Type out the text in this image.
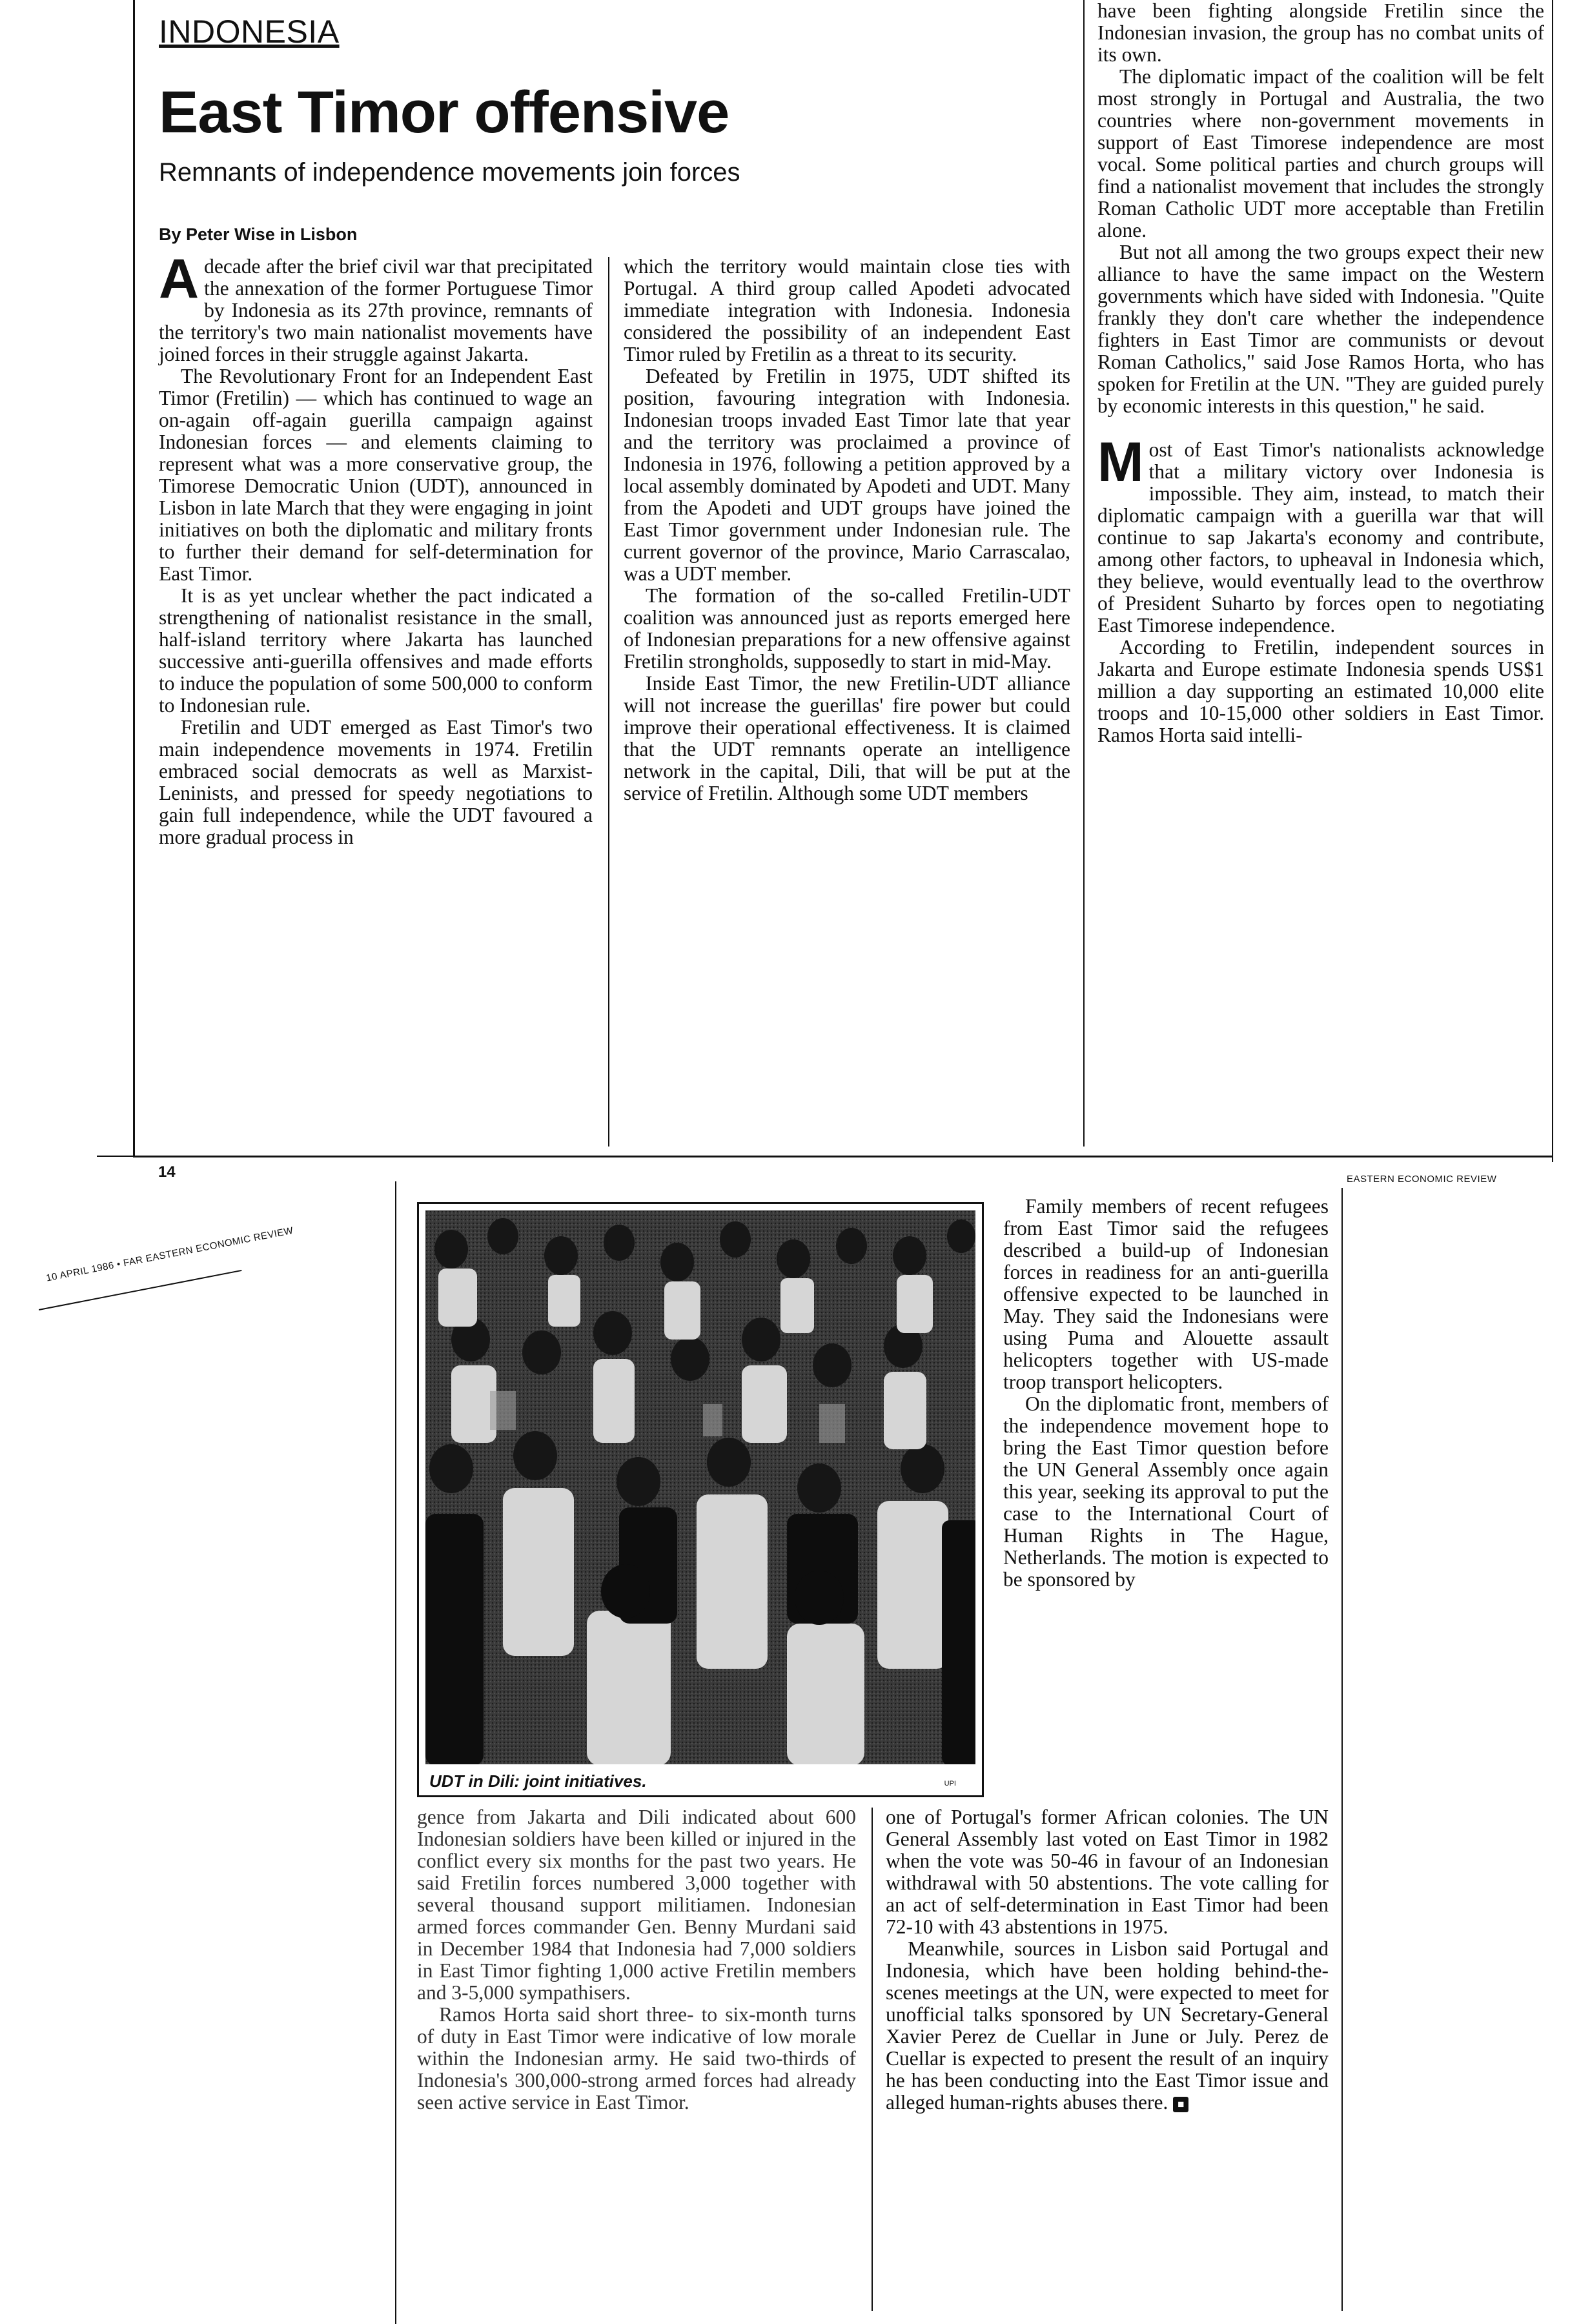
INDONESIA
East Timor offensive
Remnants of independence movements join forces
By Peter Wise in Lisbon

Adecade after the brief civil war that precipitated the annexation of the former Portuguese Timor by Indonesia as its 27th province, remnants of the territory's two main nationalist movements have joined forces in their struggle against Jakarta.

The Revolutionary Front for an Independent East Timor (Fretilin) — which has continued to wage an on-again off-again guerilla campaign against Indonesian forces — and elements claiming to represent what was a more conservative group, the Timorese Democratic Union (UDT), announced in Lisbon in late March that they were engaging in joint initiatives on both the diplomatic and military fronts to further their demand for self-determination for East Timor.

It is as yet unclear whether the pact indicated a strengthening of nationalist resistance in the small, half-island territory where Jakarta has launched successive anti-guerilla offensives and made efforts to induce the population of some 500,000 to conform to Indonesian rule.

Fretilin and UDT emerged as East Timor's two main independence movements in 1974. Fretilin embraced social democrats as well as Marxist-Leninists, and pressed for speedy negotiations to gain full independence, while the UDT favoured a more gradual process in

which the territory would maintain close ties with Portugal. A third group called Apodeti advocated immediate integration with Indonesia. Indonesia considered the possibility of an independent East Timor ruled by Fretilin as a threat to its security.

Defeated by Fretilin in 1975, UDT shifted its position, favouring integration with Indonesia. Indonesian troops invaded East Timor late that year and the territory was proclaimed a province of Indonesia in 1976, following a petition approved by a local assembly dominated by Apodeti and UDT. Many from the Apodeti and UDT groups have joined the East Timor government under Indonesian rule. The current governor of the province, Mario Carrascalao, was a UDT member.

The formation of the so-called Fretilin-UDT coalition was announced just as reports emerged here of Indonesian preparations for a new offensive against Fretilin strongholds, supposedly to start in mid-May.

Inside East Timor, the new Fretilin-UDT alliance will not increase the guerillas' fire power but could improve their operational effectiveness. It is claimed that the UDT remnants operate an intelligence network in the capital, Dili, that will be put at the service of Fretilin. Although some UDT members

have been fighting alongside Fretilin since the Indonesian invasion, the group has no combat units of its own.

The diplomatic impact of the coalition will be felt most strongly in Portugal and Australia, the two countries where non-government movements in support of East Timorese independence are most vocal. Some political parties and church groups will find a nationalist movement that includes the strongly Roman Catholic UDT more acceptable than Fretilin alone.

But not all among the two groups expect their new alliance to have the same impact on the Western governments which have sided with Indonesia. "Quite frankly they don't care whether the independence fighters in East Timor are communists or devout Roman Catholics," said Jose Ramos Horta, who has spoken for Fretilin at the UN. "They are guided purely by economic interests in this question," he said.

Most of East Timor's nationalists acknowledge that a military victory over Indonesia is impossible. They aim, instead, to match their diplomatic campaign with a guerilla war that will continue to sap Jakarta's economy and contribute, among other factors, to upheaval in Indonesia which, they believe, would eventually lead to the overthrow of President Suharto by forces open to negotiating East Timorese independence.

According to Fretilin, independent sources in Jakarta and Europe estimate Indonesia spends US$1 million a day supporting an estimated 10,000 elite troops and 10-15,000 other soldiers in East Timor. Ramos Horta said intelli-

14
10 APRIL 1986 • FAR EASTERN ECONOMIC REVIEW
EASTERN ECONOMIC REVIEW
UDT in Dili: joint initiatives.	UPI

gence from Jakarta and Dili indicated about 600 Indonesian soldiers have been killed or injured in the conflict every six months for the past two years. He said Fretilin forces numbered 3,000 together with several thousand support militiamen. Indonesian armed forces commander Gen. Benny Murdani said in December 1984 that Indonesia had 7,000 soldiers in East Timor fighting 1,000 active Fretilin members and 3-5,000 sympathisers.

Ramos Horta said short three- to six-month turns of duty in East Timor were indicative of low morale within the Indonesian army. He said two-thirds of Indonesia's 300,000-strong armed forces had already seen active service in East Timor.

Family members of recent refugees from East Timor said the refugees described a build-up of Indonesian forces in readiness for an anti-guerilla offensive expected to be launched in May. They said the Indonesians were using Puma and Alouette assault helicopters together with US-made troop transport helicopters.

On the diplomatic front, members of the independence movement hope to bring the East Timor question before the UN General Assembly once again this year, seeking its approval to put the case to the International Court of Human Rights in The Hague, Netherlands. The motion is expected to be sponsored by

one of Portugal's former African colonies. The UN General Assembly last voted on East Timor in 1982 when the vote was 50-46 in favour of an Indonesian withdrawal with 50 abstentions. The vote calling for an act of self-determination in East Timor had been 72-10 with 43 abstentions in 1975.

Meanwhile, sources in Lisbon said Portugal and Indonesia, which have been holding behind-the-scenes meetings at the UN, were expected to meet for unofficial talks sponsored by UN Secretary-General Xavier Perez de Cuellar in June or July. Perez de Cuellar is expected to present the result of an inquiry he has been conducting into the East Timor issue and alleged human-rights abuses there. ■
